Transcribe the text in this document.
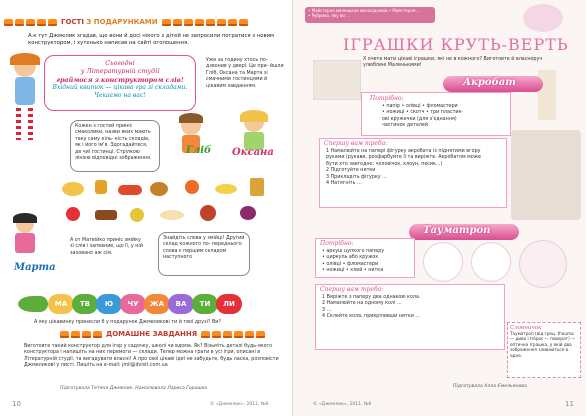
ГОСТІ З ПОДАРУНКАМИ
А.к тут Джмелик згадав, що вони й досі нікого з дітей не запросили погратися з новим конструктором, і хутенько написав на сайті оголошення.
Сьогодні
у Літературній студії
граймося з конструктором слів!
Вхідний квиток — цікава гра зі складами.
Чекаємо на вас!
Уже за годину хтось по- дзвонив у двері. Це при- йшли Гліб, Оксана та Марта зі смачними гостинцями й цікавим завданням.
Кожен з гостей приніс смаколики, назви яких мають таку саму кіль- кість складів, як і його ім'я. Здогадайтеся, де чиї гостинці. Стрілкою лінією відповідні зображення.
Гліб Оксана
Марта
А от Матвійко приніс змійку зі слів і запевнив, що її, у ній заховано аж сім.
Знайдіть слова у змійці! Другий склад кожного по- переднього слова є першим складом наступного
МА	ТВ	Ю	ЧУ	ЖА	ВА	ТИ	ЛИ
А яку цікавинку принесли б у подарунок Джмеликові ти й твої друзі? Ви?
ДОМАШНЄ ЗАВДАННЯ
Виготовте такий конструктор для ігор у садочку, школі чи вдома. Як? Візьміть деталі будь-якого конструктора і напишіть на них перемоги — склади. Тепер можна грати в усі ігри, описані в Літературній студії, та вигадувати власні! А про свої цікаві ідеї не забудьте, будь ласка, розповісти Джмеликові у листі. Пишіть на е-mail: jmil@dvisit.com.ua
Підготувала Тетяна Джмелик. Намалювала Лариса Горошко
10	© «Джмелик», 2011, №6
• Майстерня маленьких винахідників • Майстерня …
• Рубрика, яку ви …
ІГРАШКИ КРУТЬ-ВЕРТЬ
Х очете мати цікаві іграшки, які не в кожного? Виготовте й власноруч улюблені Маленькими!
Акробат
Потрібно:
• папір • олівці • фломастери
• ножиці • скотч • три пластик-
ові кружечки (для з'єднання)
частинок деталей
Спершу вам треба:
1 Намалюйте на папері фігурку акробата із піднятими вгору
руками (рукави, розфарбуйте її та виріжте. Акробатом може
бути хто завгодно: чоловічок, клоун, песик...)
2 Підготуйте нитки
3 Прикладіть фігурку …
4 Натягніть …
Тауматроп
Потрібно:
• аркуш цупкого паперу
• циркуль або кружок
• олівці • фломастери
• ножиці • клей • нитка
Спершу вам треба:
1 Виріжте з паперу два однакові кола.
2 Намалюйте на одному колі …
3 …
4 Склейте кола, прикріпивши нитки …
Словничок
Тауматроп (від грец. thauma — диво і trópos — поворот) — оптична іграшка, у якій два зображення зливаються в одне.
Підготувала Алла Ємельянова
© «Джмелик», 2011, №6	11
